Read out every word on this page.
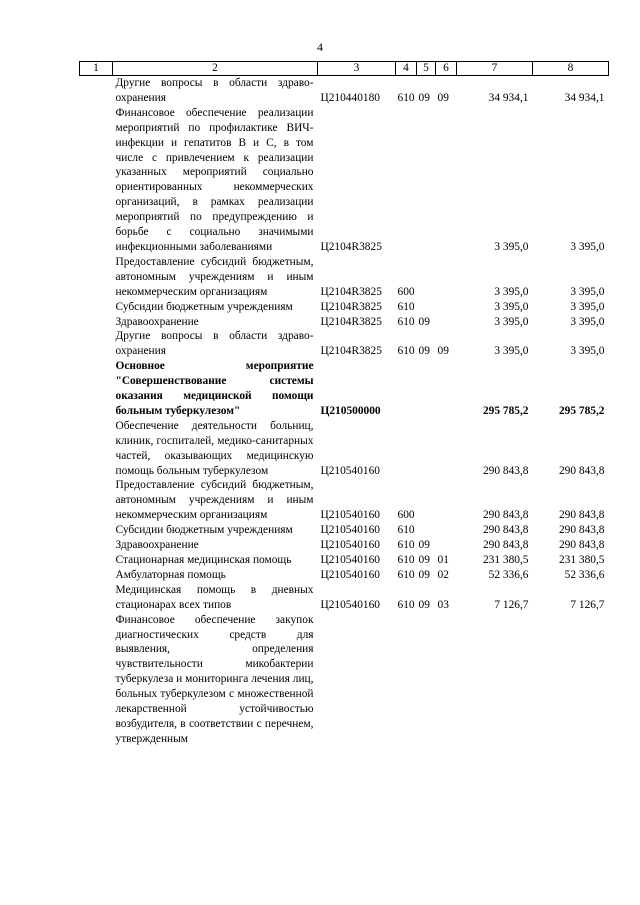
4
1	2	3	4	5	6	7	8
	Другие вопросы в области здраво-охранения	Ц210440180	610	09	09	34 934,1	34 934,1
	Финансовое обеспечение реализации мероприятий по профилактике ВИЧ-инфекции и гепатитов В и С, в том числе с привлечением к реализации указанных мероприятий социально ориентированных некоммерческих организаций, в рамках реализации мероприятий по предупреждению и борьбе с социально значимыми инфекционными заболеваниями	Ц2104R3825				3 395,0	3 395,0
	Предоставление субсидий бюджетным, автономным учреждениям и иным некоммерческим организациям	Ц2104R3825	600			3 395,0	3 395,0
	Субсидии бюджетным учреждениям	Ц2104R3825	610			3 395,0	3 395,0
	Здравоохранение	Ц2104R3825	610	09		3 395,0	3 395,0
	Другие вопросы в области здраво-охранения	Ц2104R3825	610	09	09	3 395,0	3 395,0
	Основное мероприятие "Совершенствование системы оказания медицинской помощи больным туберкулезом"	Ц210500000				295 785,2	295 785,2
	Обеспечение деятельности больниц, клиник, госпиталей, медико-санитарных частей, оказывающих медицинскую помощь больным туберкулезом	Ц210540160				290 843,8	290 843,8
	Предоставление субсидий бюджетным, автономным учреждениям и иным некоммерческим организациям	Ц210540160	600			290 843,8	290 843,8
	Субсидии бюджетным учреждениям	Ц210540160	610			290 843,8	290 843,8
	Здравоохранение	Ц210540160	610	09		290 843,8	290 843,8
	Стационарная медицинская помощь	Ц210540160	610	09	01	231 380,5	231 380,5
	Амбулаторная помощь	Ц210540160	610	09	02	52 336,6	52 336,6
	Медицинская помощь в дневных стационарах всех типов	Ц210540160	610	09	03	7 126,7	7 126,7
	Финансовое обеспечение закупок диагностических средств для выявления, определения чувствительности микобактерии туберкулеза и мониторинга лечения лиц, больных туберкулезом с множественной лекарственной устойчивостью возбудителя, в соответствии с перечнем, утвержденным						
